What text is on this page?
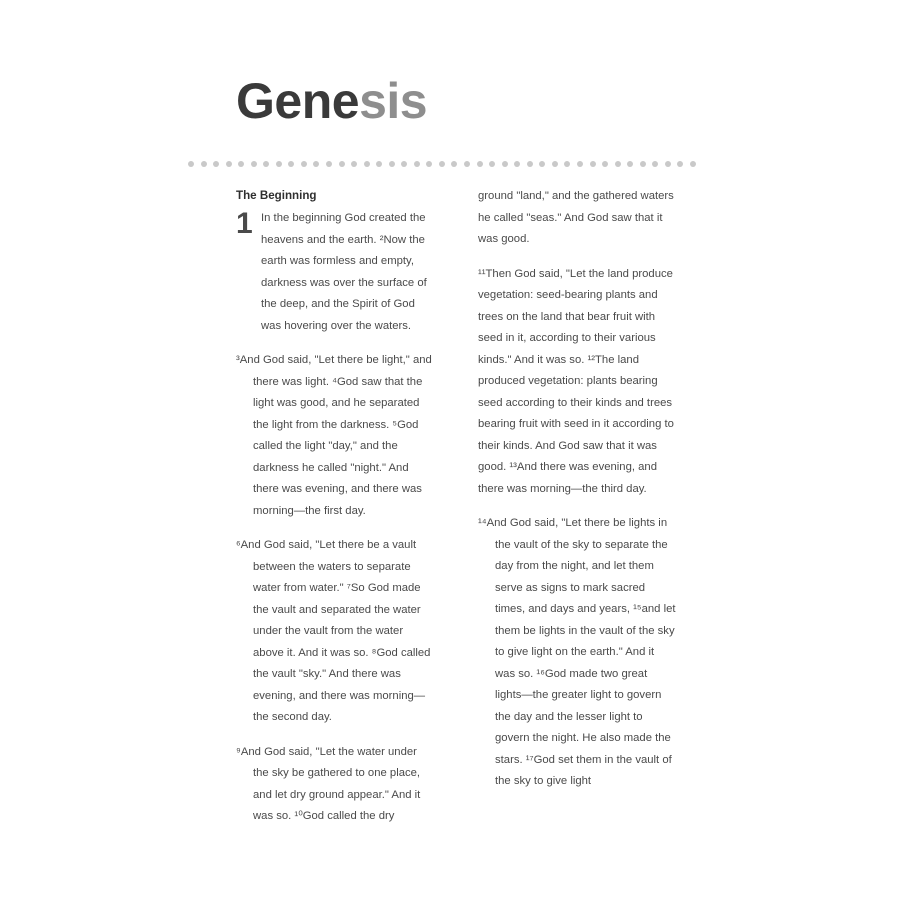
Genesis
The Beginning
1 In the beginning God created the heavens and the earth. ²Now the earth was formless and empty, darkness was over the surface of the deep, and the Spirit of God was hovering over the waters.

³And God said, "Let there be light," and there was light. ⁴God saw that the light was good, and he separated the light from the darkness. ⁵God called the light "day," and the darkness he called "night." And there was evening, and there was morning—the first day.

⁶And God said, "Let there be a vault between the waters to separate water from water." ⁷So God made the vault and separated the water under the vault from the water above it. And it was so. ⁸God called the vault "sky." And there was evening, and there was morning—the second day.

⁹And God said, "Let the water under the sky be gathered to one place, and let dry ground appear." And it was so. ¹⁰God called the dry

ground "land," and the gathered waters he called "seas." And God saw that it was good.

¹¹Then God said, "Let the land produce vegetation: seed-bearing plants and trees on the land that bear fruit with seed in it, according to their various kinds." And it was so. ¹²The land produced vegetation: plants bearing seed according to their kinds and trees bearing fruit with seed in it according to their kinds. And God saw that it was good. ¹³And there was evening, and there was morning—the third day.

¹⁴And God said, "Let there be lights in the vault of the sky to separate the day from the night, and let them serve as signs to mark sacred times, and days and years, ¹⁵and let them be lights in the vault of the sky to give light on the earth." And it was so. ¹⁶God made two great lights—the greater light to govern the day and the lesser light to govern the night. He also made the stars. ¹⁷God set them in the vault of the sky to give light
